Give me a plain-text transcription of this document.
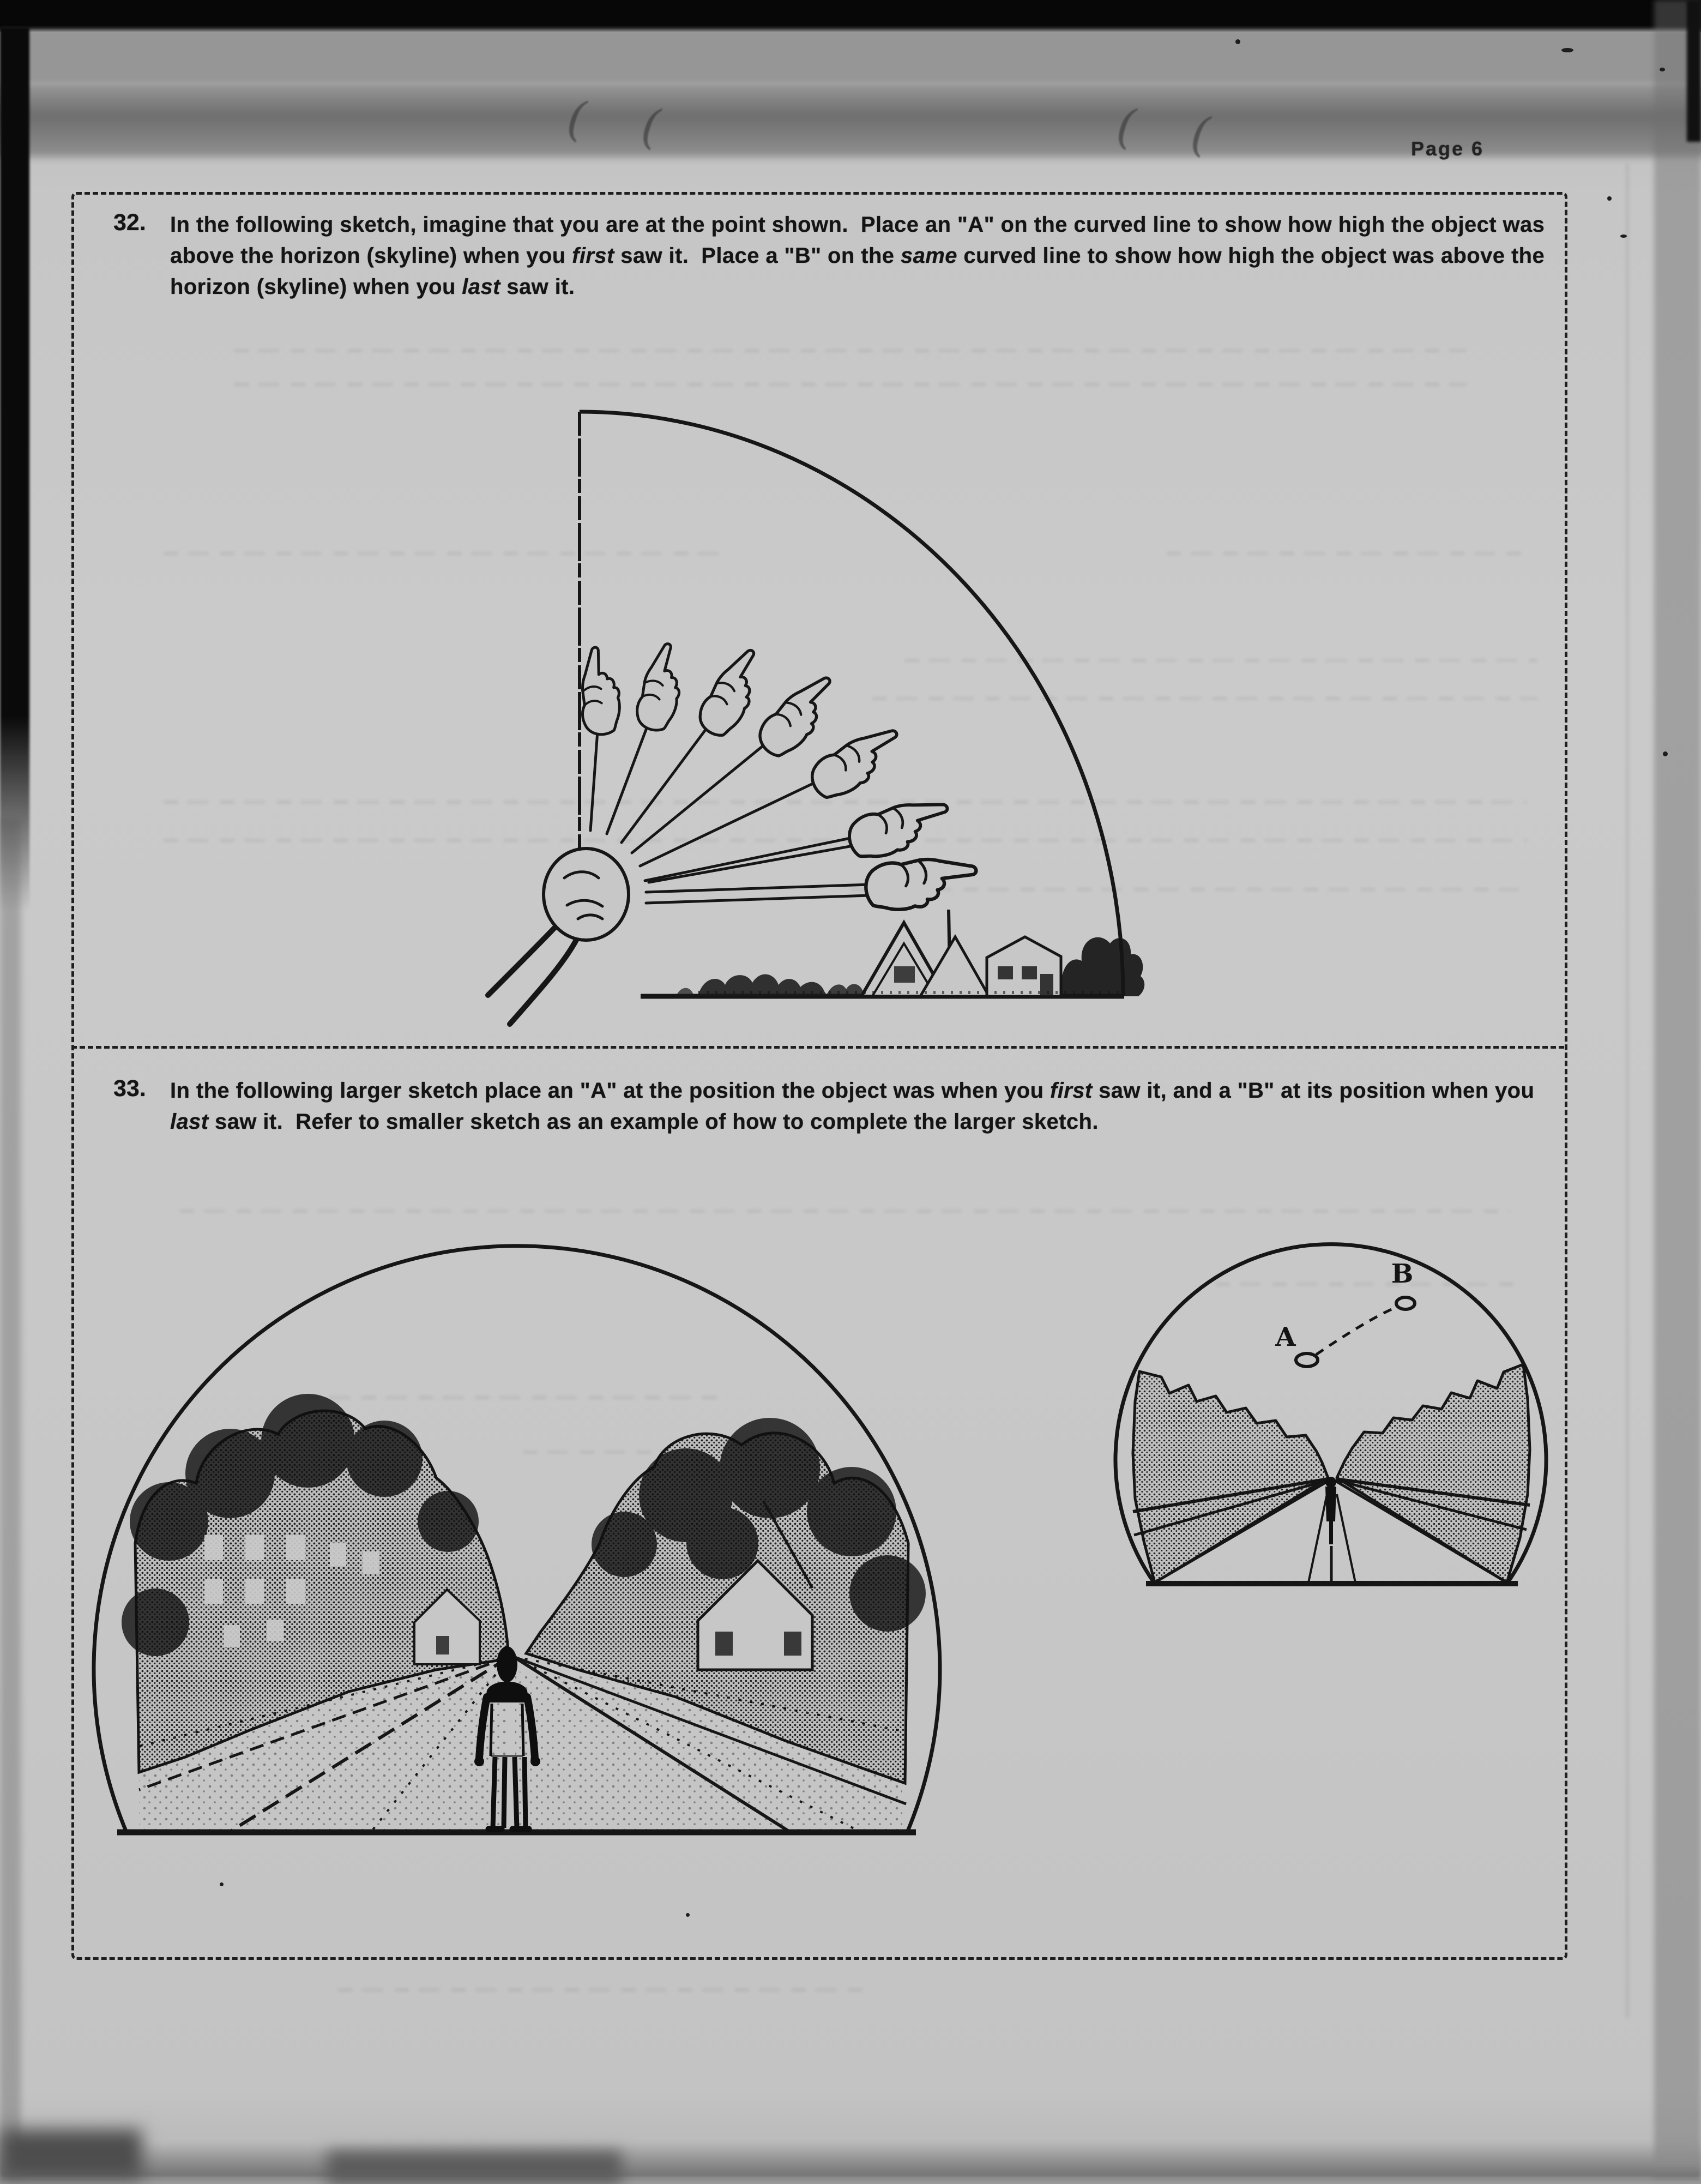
( (	( (	Page 6
32.	In the following sketch, imagine that you are at the point shown.  Place an "A" on the curved line to show how high the object was above the horizon (skyline) when you first saw it.  Place a "B" on the same curved line to show how high the object was above the horizon (skyline) when you last saw it.

33.	In the following larger sketch place an "A" at the position the object was when you first saw it, and a "B" at its position when you last saw it.  Refer to smaller sketch as an example of how to complete the larger sketch.

A
B
